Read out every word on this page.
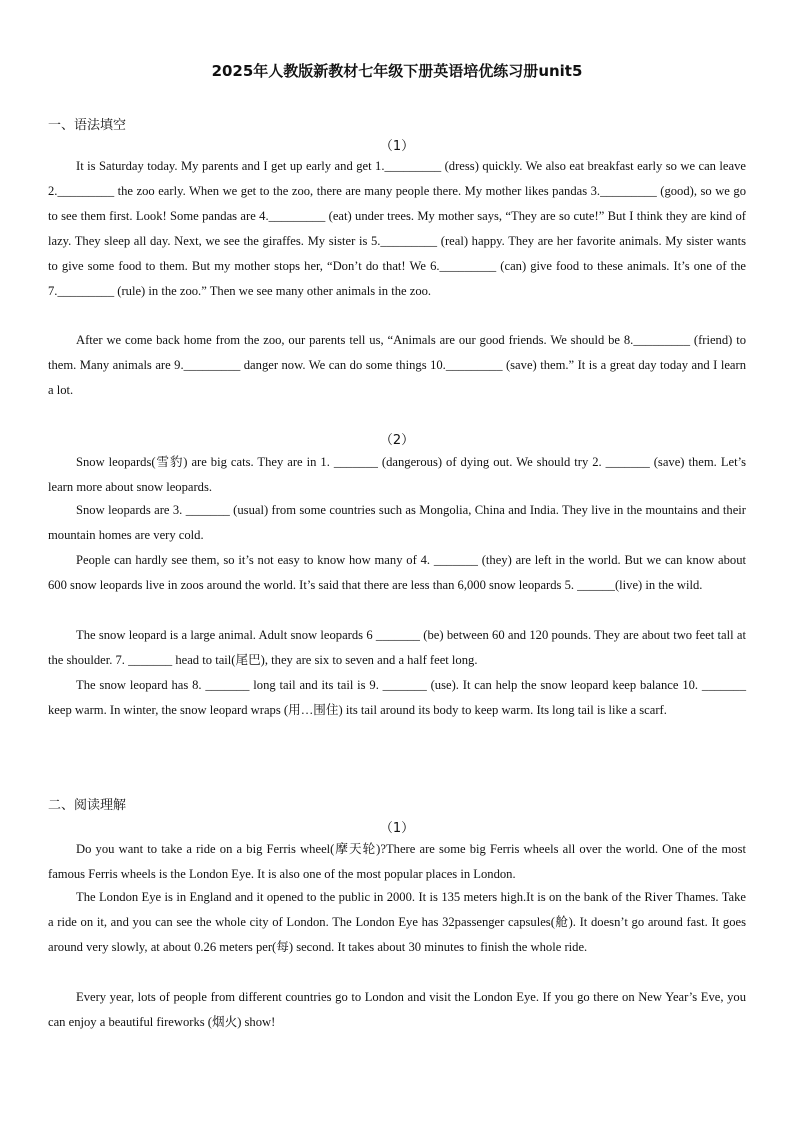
2025年人教版新教材七年级下册英语培优练习册unit5
一、语法填空
（1）
It is Saturday today. My parents and I get up early and get 1._________ (dress) quickly. We also eat breakfast early so we can leave 2._________ the zoo early. When we get to the zoo, there are many people there. My mother likes pandas 3._________ (good), so we go to see them first. Look! Some pandas are 4._________ (eat) under trees. My mother says, “They are so cute!” But I think they are kind of lazy. They sleep all day. Next, we see the giraffes. My sister is 5._________ (real) happy. They are her favorite animals. My sister wants to give some food to them. But my mother stops her, “Don’t do that! We 6._________ (can) give food to these animals. It’s one of the 7._________ (rule) in the zoo.” Then we see many other animals in the zoo.
After we come back home from the zoo, our parents tell us, “Animals are our good friends. We should be 8._________ (friend) to them. Many animals are 9._________ danger now. We can do some things 10._________ (save) them.” It is a great day today and I learn a lot.
（2）
Snow leopards(雪豹) are big cats. They are in 1. _______ (dangerous) of dying out. We should try 2. _______ (save) them. Let’s learn more about snow leopards.
Snow leopards are 3. _______ (usual) from some countries such as Mongolia, China and India. They live in the mountains and their mountain homes are very cold.
People can hardly see them, so it’s not easy to know how many of 4. _______ (they) are left in the world. But we can know about 600 snow leopards live in zoos around the world. It’s said that there are less than 6,000 snow leopards 5. ______(live) in the wild.
The snow leopard is a large animal. Adult snow leopards 6 _______ (be) between 60 and 120 pounds. They are about two feet tall at the shoulder. 7. _______ head to tail(尾巴), they are six to seven and a half feet long.
The snow leopard has 8. _______ long tail and its tail is 9. _______ (use). It can help the snow leopard keep balance 10. _______ keep warm. In winter, the snow leopard wraps (用…围住) its tail around its body to keep warm. Its long tail is like a scarf.
二、阅读理解
（1）
Do you want to take a ride on a big Ferris wheel(摩天轮)?There are some big Ferris wheels all over the world. One of the most famous Ferris wheels is the London Eye. It is also one of the most popular places in London.
The London Eye is in England and it opened to the public in 2000. It is 135 meters high.It is on the bank of the River Thames. Take a ride on it, and you can see the whole city of London. The London Eye has 32passenger capsules(舱). It doesn’t go around fast. It goes around very slowly, at about 0.26 meters per(每) second. It takes about 30 minutes to finish the whole ride.
Every year, lots of people from different countries go to London and visit the London Eye. If you go there on New Year’s Eve, you can enjoy a beautiful fireworks (烟火) show!
